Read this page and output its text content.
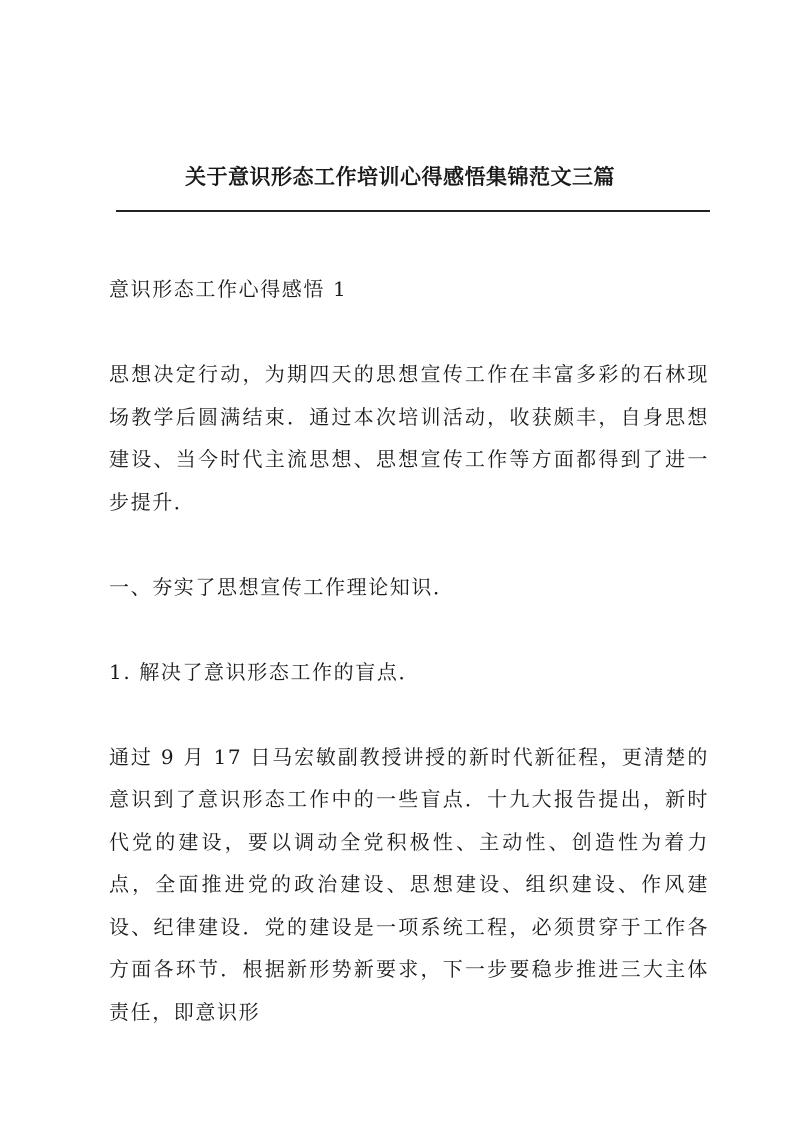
关于意识形态工作培训心得感悟集锦范文三篇

意识形态工作心得感悟 1

思想决定行动，为期四天的思想宣传工作在丰富多彩的石林现场教学后圆满结束．通过本次培训活动，收获颇丰，自身思想建设、当今时代主流思想、思想宣传工作等方面都得到了进一步提升．

一、夯实了思想宣传工作理论知识．

1. 解决了意识形态工作的盲点．

通过 9 月 17 日马宏敏副教授讲授的新时代新征程，更清楚的意识到了意识形态工作中的一些盲点．十九大报告提出，新时代党的建设，要以调动全党积极性、主动性、创造性为着力点，全面推进党的政治建设、思想建设、组织建设、作风建设、纪律建设．党的建设是一项系统工程，必须贯穿于工作各方面各环节．根据新形势新要求，下一步要稳步推进三大主体责任，即意识形
